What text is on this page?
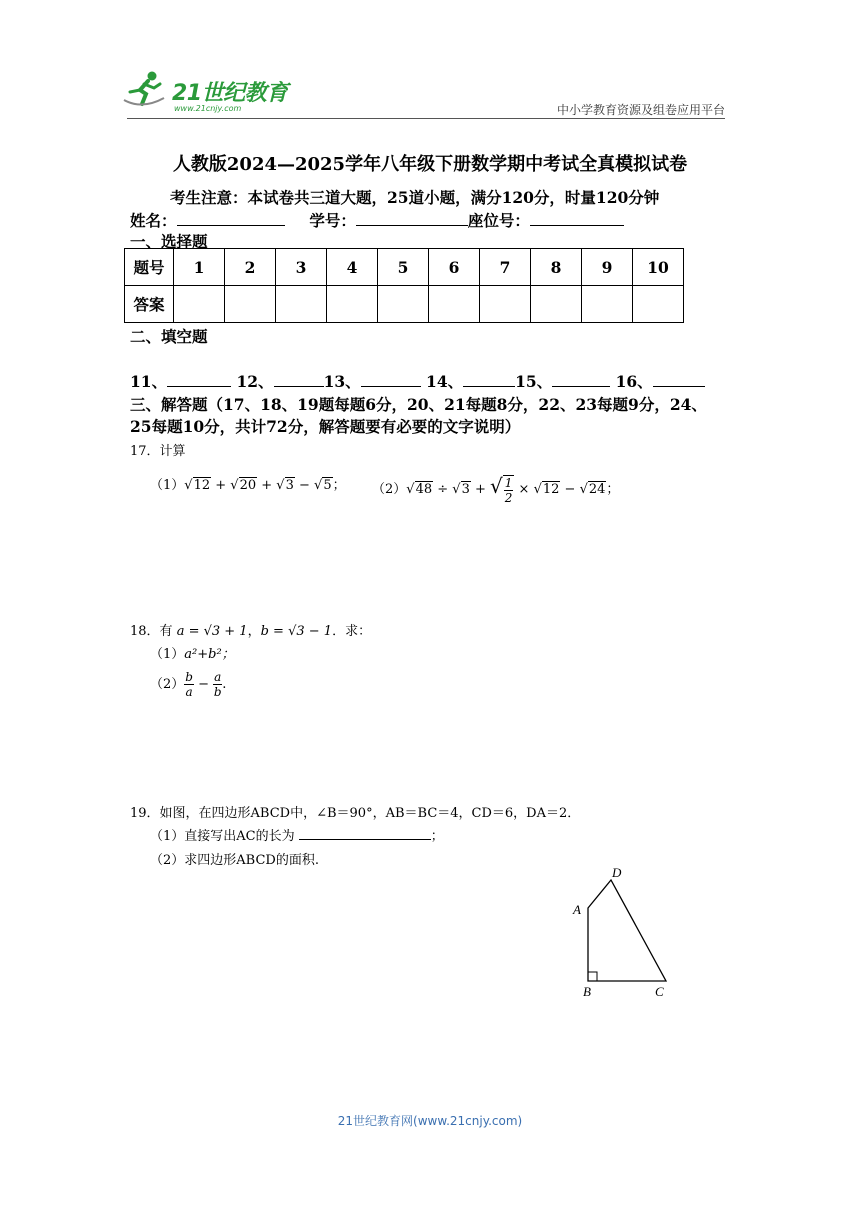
21世纪教育
www.21cnjy.com	中小学教育资源及组卷应用平台
人教版2024—2025学年八年级下册数学期中考试全真模拟试卷
考生注意：本试卷共三道大题，25道小题，满分120分，时量120分钟
姓名：	学号：	座位号：
一、选择题
题号	1	2	3	4	5	6	7	8	9	10
答案										
二、填空题
11、	12、	13、	14、	15、	16、
三、解答题（17、18、19题每题6分，20、21每题8分，22、23每题9分，24、
25每题10分，共计72分，解答题要有必要的文字说明）
17．计算
（1）√12 + √20 + √3 − √5； （2）√48 ÷ √3 + √ $\frac{1}{2} \times √12 - √24$；
18．有 a = √3 + 1，b = √3 − 1．求：
（1）a²+b²；
$(2) \frac{b}{a} - \frac{a}{b}$ .
19．如图，在四边形ABCD中，∠B＝90°，AB＝BC＝4，CD＝6，DA＝2．
（1）直接写出AC的长为	；
（2）求四边形ABCD的面积.
D
A
B	C
21世纪教育网(www.21cnjy.com)
